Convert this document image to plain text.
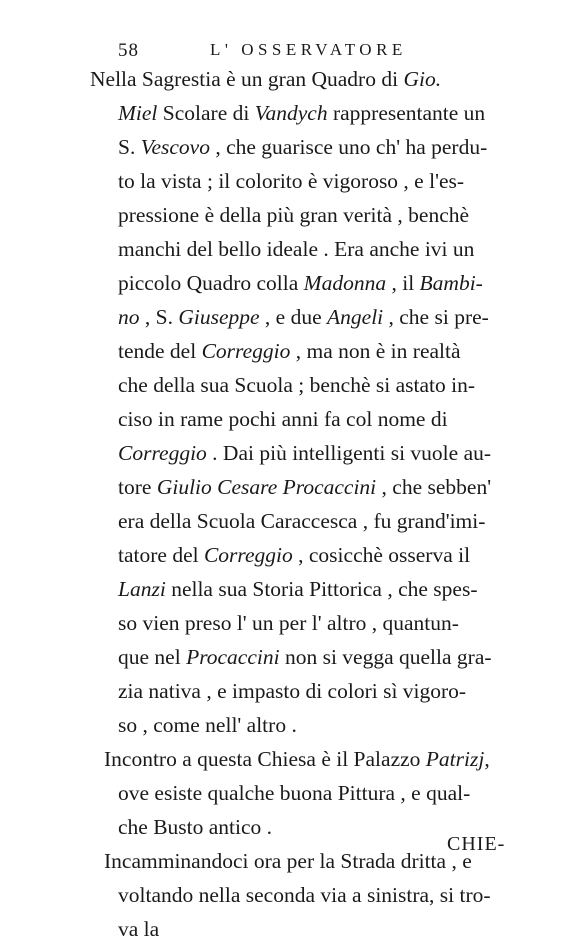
58	L' OSSERVATORE
Nella Sagrestia è un gran Quadro di Gio.
Miel Scolare di Vandych rappresentante un
S. Vescovo , che guarisce uno ch' ha perdu-
to la vista ; il colorito è vigoroso , e l'es-
pressione è della più gran verità , benchè
manchi del bello ideale . Era anche ivi un
piccolo Quadro colla Madonna , il Bambi-
no , S. Giuseppe , e due Angeli , che si pre-
tende del Correggio , ma non è in realtà
che della sua Scuola ; benchè si astato in-
ciso in rame pochi anni fa col nome di
Correggio . Dai più intelligenti si vuole au-
tore Giulio Cesare Procaccini , che sebben'
era della Scuola Caraccesca , fu grand'imi-
tatore del Correggio , cosicchè osserva il
Lanzi nella sua Storia Pittorica , che spes-
so vien preso l' un per l' altro , quantun-
que nel Procaccini non si vegga quella gra-
zia nativa , e impasto di colori sì vigoro-
so , come nell' altro .
Incontro a questa Chiesa è il Palazzo Patrizj,
ove esiste qualche buona Pittura , e qual-
che Busto antico .
Incamminandoci ora per la Strada dritta , e
voltando nella seconda via a sinistra, si tro-
va la
CHIE-
